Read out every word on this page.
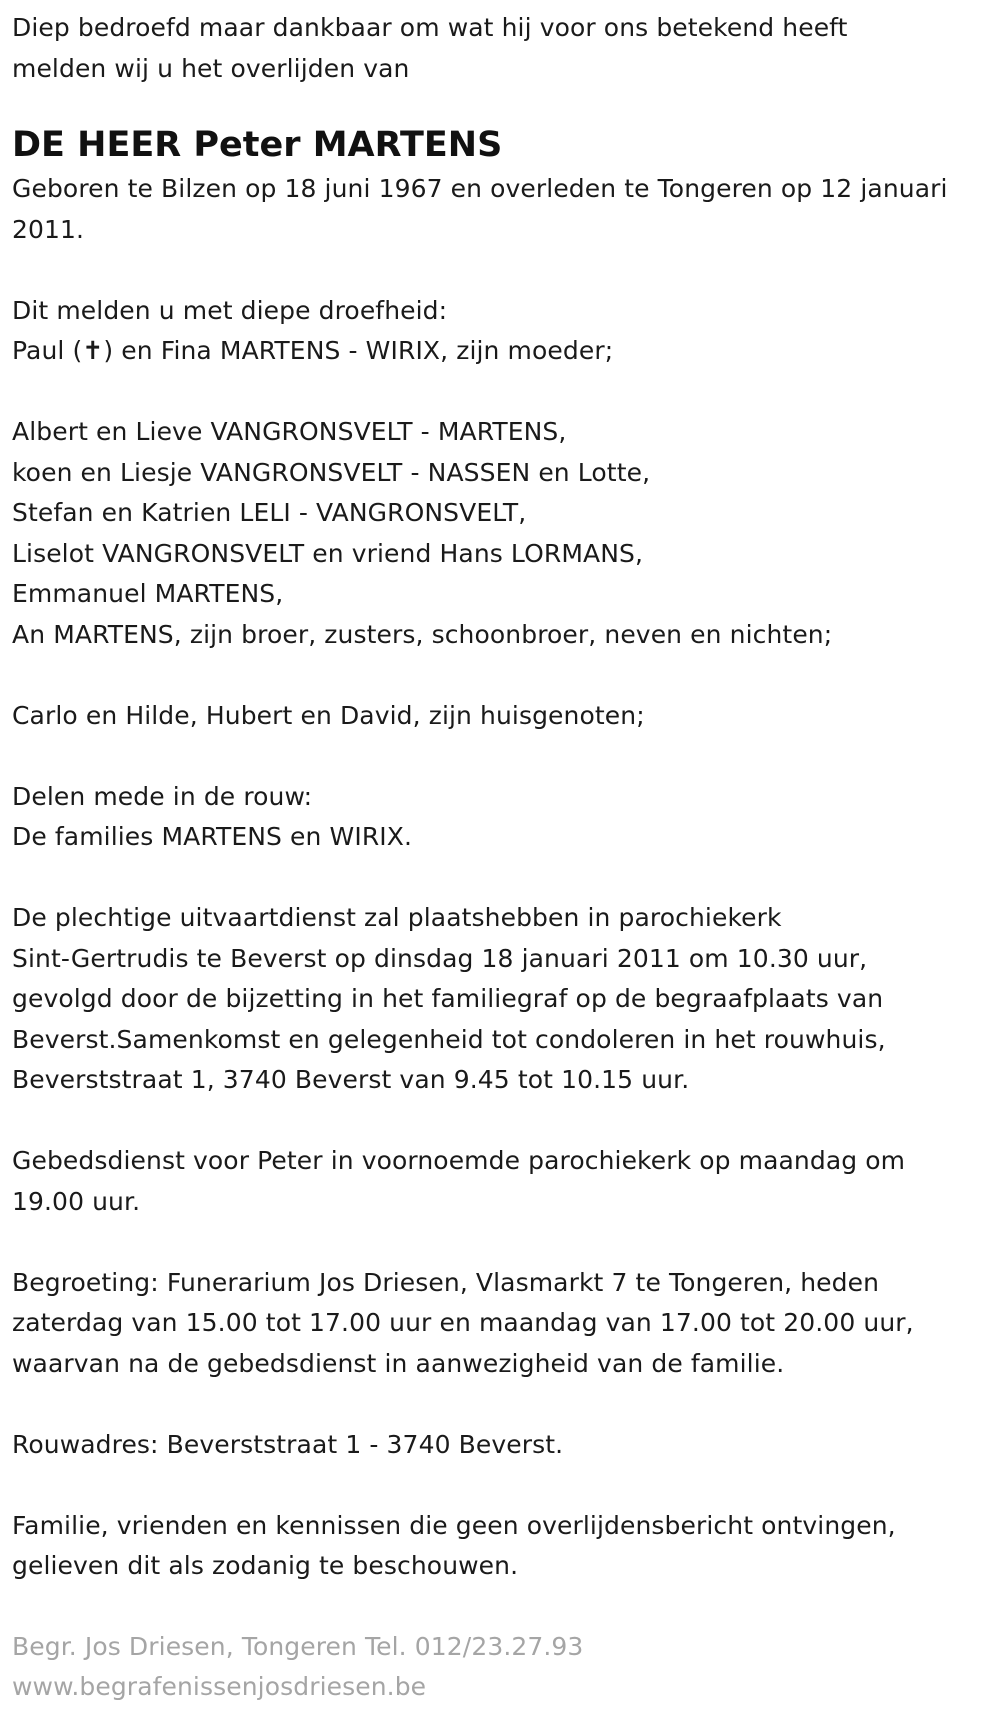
Diep bedroefd maar dankbaar om wat hij voor ons betekend heeft
melden wij u het overlijden van
DE HEER Peter MARTENS
Geboren te Bilzen op 18 juni 1967 en overleden te Tongeren op 12 januari
2011.
Dit melden u met diepe droefheid:
Paul (✝) en Fina MARTENS - WIRIX, zijn moeder;
Albert en Lieve VANGRONSVELT - MARTENS,
koen en Liesje VANGRONSVELT - NASSEN en Lotte,
Stefan en Katrien LELI - VANGRONSVELT,
Liselot VANGRONSVELT en vriend Hans LORMANS,
Emmanuel MARTENS,
An MARTENS, zijn broer, zusters, schoonbroer, neven en nichten;
Carlo en Hilde, Hubert en David, zijn huisgenoten;
Delen mede in de rouw:
De families MARTENS en WIRIX.
De plechtige uitvaartdienst zal plaatshebben in parochiekerk
Sint-Gertrudis te Beverst op dinsdag 18 januari 2011 om 10.30 uur,
gevolgd door de bijzetting in het familiegraf op de begraafplaats van
Beverst.Samenkomst en gelegenheid tot condoleren in het rouwhuis,
Beverststraat 1, 3740 Beverst van 9.45 tot 10.15 uur.
Gebedsdienst voor Peter in voornoemde parochiekerk op maandag om
19.00 uur.
Begroeting: Funerarium Jos Driesen, Vlasmarkt 7 te Tongeren, heden
zaterdag van 15.00 tot 17.00 uur en maandag van 17.00 tot 20.00 uur,
waarvan na de gebedsdienst in aanwezigheid van de familie.
Rouwadres: Beverststraat 1 - 3740 Beverst.
Familie, vrienden en kennissen die geen overlijdensbericht ontvingen,
gelieven dit als zodanig te beschouwen.
Begr. Jos Driesen, Tongeren Tel. 012/23.27.93
www.begrafenissenjosdriesen.be
